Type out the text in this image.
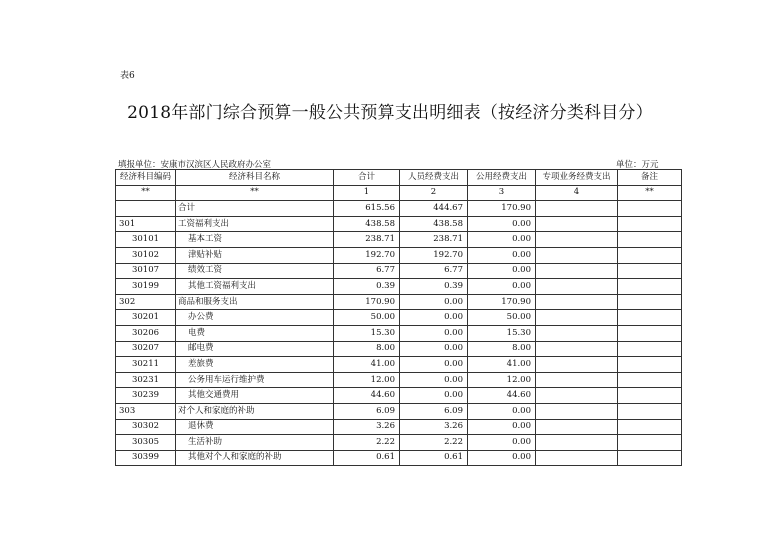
表6
2018年部门综合预算一般公共预算支出明细表（按经济分类科目分）
填报单位：安康市汉滨区人民政府办公室	单位：万元
经济科目编码	经济科目名称	合计	人员经费支出	公用经费支出	专项业务经费支出	备注
**	**	1	2	3	4	**
	合计	615.56	444.67	170.90		
301	工资福利支出	438.58	438.58	0.00		
30101	基本工资	238.71	238.71	0.00		
30102	津贴补贴	192.70	192.70	0.00		
30107	绩效工资	6.77	6.77	0.00		
30199	其他工资福利支出	0.39	0.39	0.00		
302	商品和服务支出	170.90	0.00	170.90		
30201	办公费	50.00	0.00	50.00		
30206	电费	15.30	0.00	15.30		
30207	邮电费	8.00	0.00	8.00		
30211	差旅费	41.00	0.00	41.00		
30231	公务用车运行维护费	12.00	0.00	12.00		
30239	其他交通费用	44.60	0.00	44.60		
303	对个人和家庭的补助	6.09	6.09	0.00		
30302	退休费	3.26	3.26	0.00		
30305	生活补助	2.22	2.22	0.00		
30399	其他对个人和家庭的补助	0.61	0.61	0.00		
